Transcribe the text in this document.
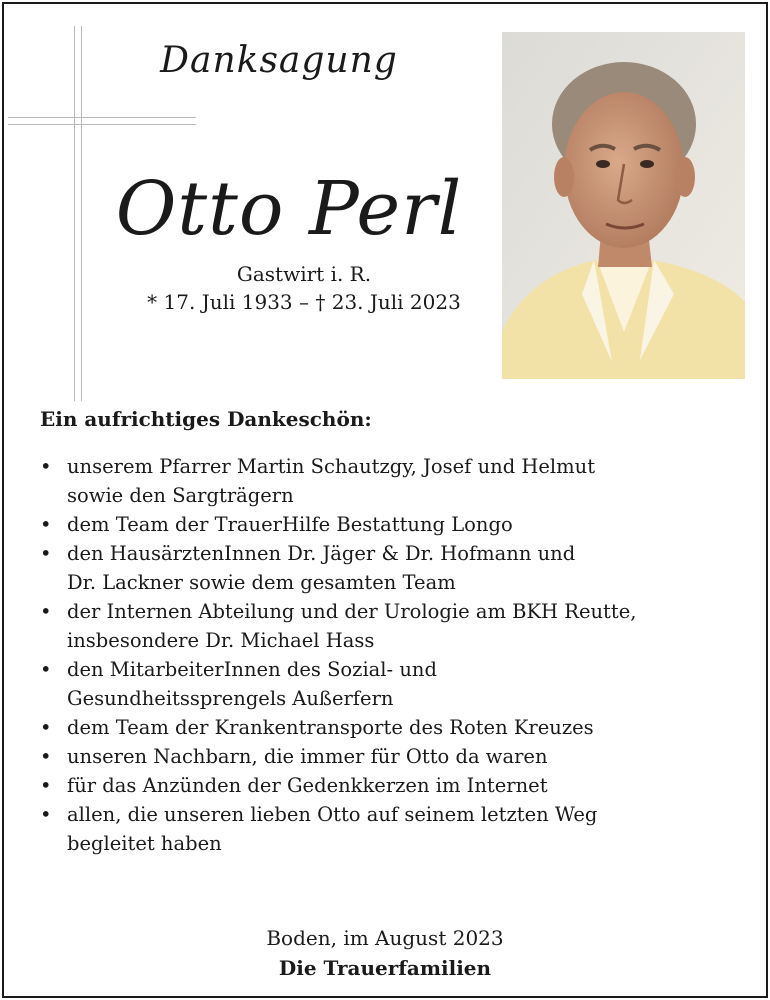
Danksagung
Otto Perl
Gastwirt i. R.
* 17. Juli 1933 – † 23. Juli 2023
Ein aufrichtiges Dankeschön:
• unserem Pfarrer Martin Schautzgy, Josef und Helmut
sowie den Sargträgern
• dem Team der TrauerHilfe Bestattung Longo
• den HausärztenInnen Dr. Jäger & Dr. Hofmann und
Dr. Lackner sowie dem gesamten Team
• der Internen Abteilung und der Urologie am BKH Reutte,
insbesondere Dr. Michael Hass
• den MitarbeiterInnen des Sozial- und
Gesundheitssprengels Außerfern
• dem Team der Krankentransporte des Roten Kreuzes
• unseren Nachbarn, die immer für Otto da waren
• für das Anzünden der Gedenkkerzen im Internet
• allen, die unseren lieben Otto auf seinem letzten Weg
begleitet haben
Boden, im August 2023
Die Trauerfamilien
